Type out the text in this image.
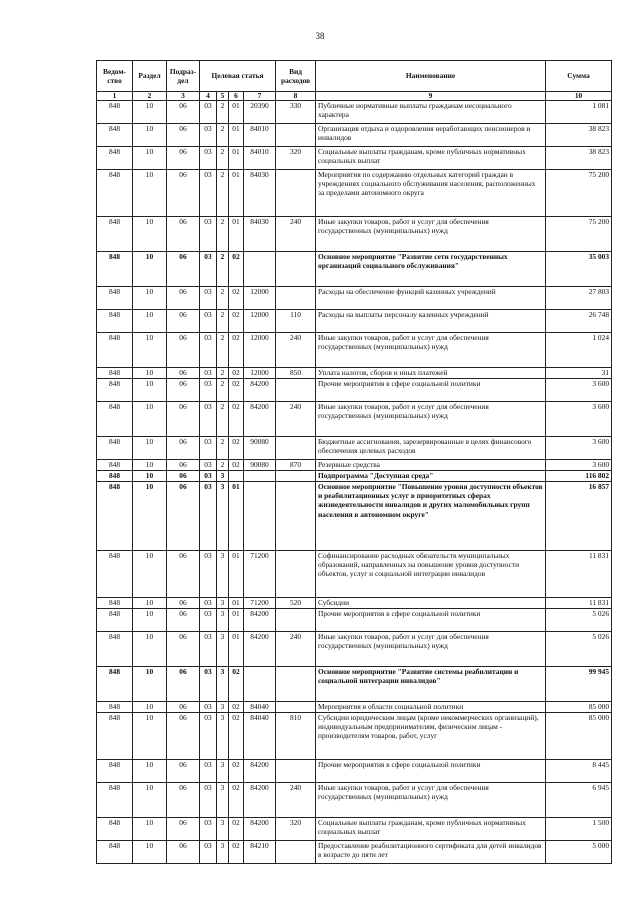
38
Ведом-ство	Раздел	Подраз-дел	Целевая статья				Вид расходов	Наименование	Сумма
1	2	3	4	5	6	7	8	9	10
848	10	06	03	2	01	20390	330	Публичные нормативные выплаты гражданам несоциального характера	1 081
848	10	06	03	2	01	84010		Организация отдыха и оздоровления неработающих пенсионеров и инвалидов	38 823
848	10	06	03	2	01	84010	320	Социальные выплаты гражданам, кроме публичных нормативных социальных выплат	38 823
848	10	06	03	2	01	84030		Мероприятия по содержанию отдельных категорий граждан в учреждениях социального обслуживания населения, расположенных за пределами автономного округа	75 200
848	10	06	03	2	01	84030	240	Иные закупки товаров, работ и услуг для обеспечения государственных (муниципальных) нужд	75 200
848	10	06	03	2	02			Основное мероприятие "Развитие сети государственных организаций социального обслуживания"	35 003
848	10	06	03	2	02	12000		Расходы на обеспечение функций казенных учреждений	27 803
848	10	06	03	2	02	12000	110	Расходы на выплаты персоналу казенных учреждений	26 748
848	10	06	03	2	02	12000	240	Иные закупки товаров, работ и услуг для обеспечения государственных (муниципальных) нужд	1 024
848	10	06	03	2	02	12000	850	Уплата налогов, сборов и иных платежей	31
848	10	06	03	2	02	84200		Прочие мероприятия в сфере социальной политики	3 600
848	10	06	03	2	02	84200	240	Иные закупки товаров, работ и услуг для обеспечения государственных (муниципальных) нужд	3 600
848	10	06	03	2	02	90080		Бюджетные ассигнования, зарезервированные в целях финансового обеспечения целевых расходов	3 600
848	10	06	03	2	02	90080	870	Резервные средства	3 600
848	10	06	03	3				Подпрограмма "Доступная среда"	116 802
848	10	06	03	3	01			Основное мероприятие "Повышение уровня доступности объектов и реабилитационных услуг в приоритетных сферах жизнедеятельности инвалидов и других маломобильных групп населения в автономном округе"	16 857
848	10	06	03	3	01	71200		Софинансирование расходных обязательств муниципальных образований, направленных на повышение уровня доступности объектов, услуг и социальной интеграции инвалидов	11 831
848	10	06	03	3	01	71200	520	Субсидии	11 831
848	10	06	03	3	01	84200		Прочие мероприятия в сфере социальной политики	5 026
848	10	06	03	3	01	84200	240	Иные закупки товаров, работ и услуг для обеспечения государственных (муниципальных) нужд	5 026
848	10	06	03	3	02			Основное мероприятие "Развитие системы реабилитации и социальной интеграции инвалидов"	99 945
848	10	06	03	3	02	84040		Мероприятия в области социальной политики	85 000
848	10	06	03	3	02	84040	810	Субсидии юридическим лицам (кроме некоммерческих организаций), индивидуальным предпринимателям, физическим лицам - производителям товаров, работ, услуг	85 000
848	10	06	03	3	02	84200		Прочие мероприятия в сфере социальной политики	8 445
848	10	06	03	3	02	84200	240	Иные закупки товаров, работ и услуг для обеспечения государственных (муниципальных) нужд	6 945
848	10	06	03	3	02	84200	320	Социальные выплаты гражданам, кроме публичных нормативных социальных выплат	1 500
848	10	06	03	3	02	84210		Предоставление реабилитационного сертификата для детей инвалидов в возрасте до пяти лет	5 000
